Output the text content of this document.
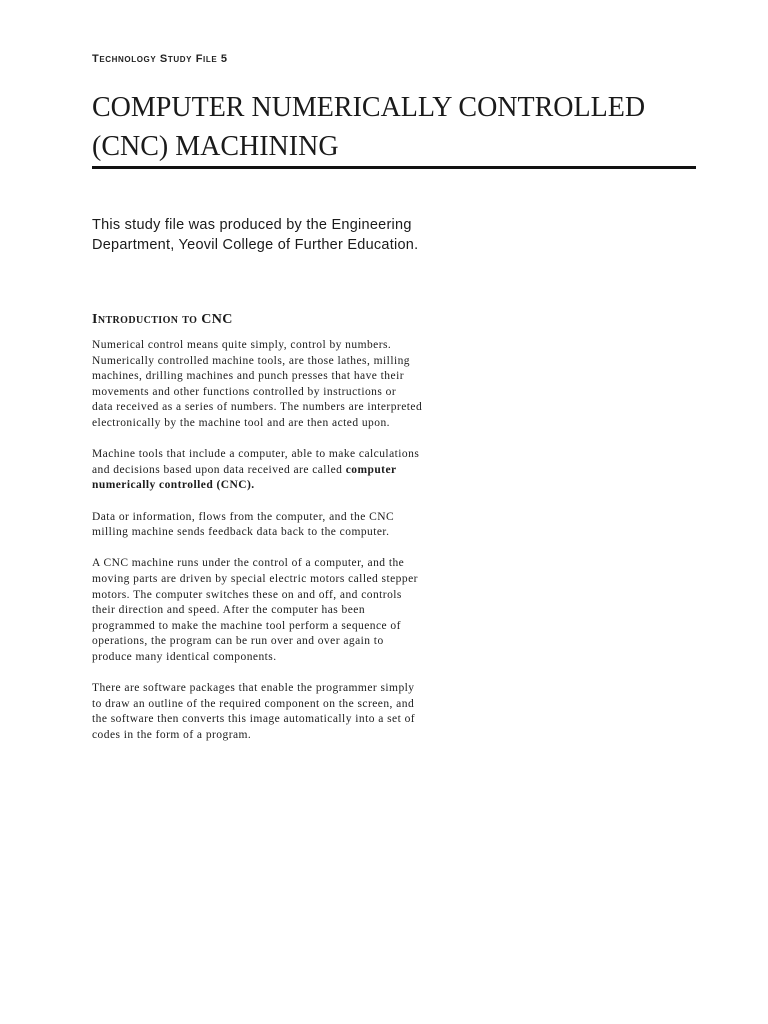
Technology Study File 5
COMPUTER NUMERICALLY CONTROLLED
(CNC) MACHINING

This study file was produced by the Engineering
Department, Yeovil College of Further Education.

Introduction to CNC

Numerical control means quite simply, control by numbers.
Numerically controlled machine tools, are those lathes, milling
machines, drilling machines and punch presses that have their
movements and other functions controlled by instructions or
data received as a series of numbers. The numbers are interpreted
electronically by the machine tool and are then acted upon.

Machine tools that include a computer, able to make calculations
and decisions based upon data received are called computer
numerically controlled (CNC).

Data or information, flows from the computer, and the CNC
milling machine sends feedback data back to the computer.

A CNC machine runs under the control of a computer, and the
moving parts are driven by special electric motors called stepper
motors. The computer switches these on and off, and controls
their direction and speed. After the computer has been
programmed to make the machine tool perform a sequence of
operations, the program can be run over and over again to
produce many identical components.

There are software packages that enable the programmer simply
to draw an outline of the required component on the screen, and
the software then converts this image automatically into a set of
codes in the form of a program.
